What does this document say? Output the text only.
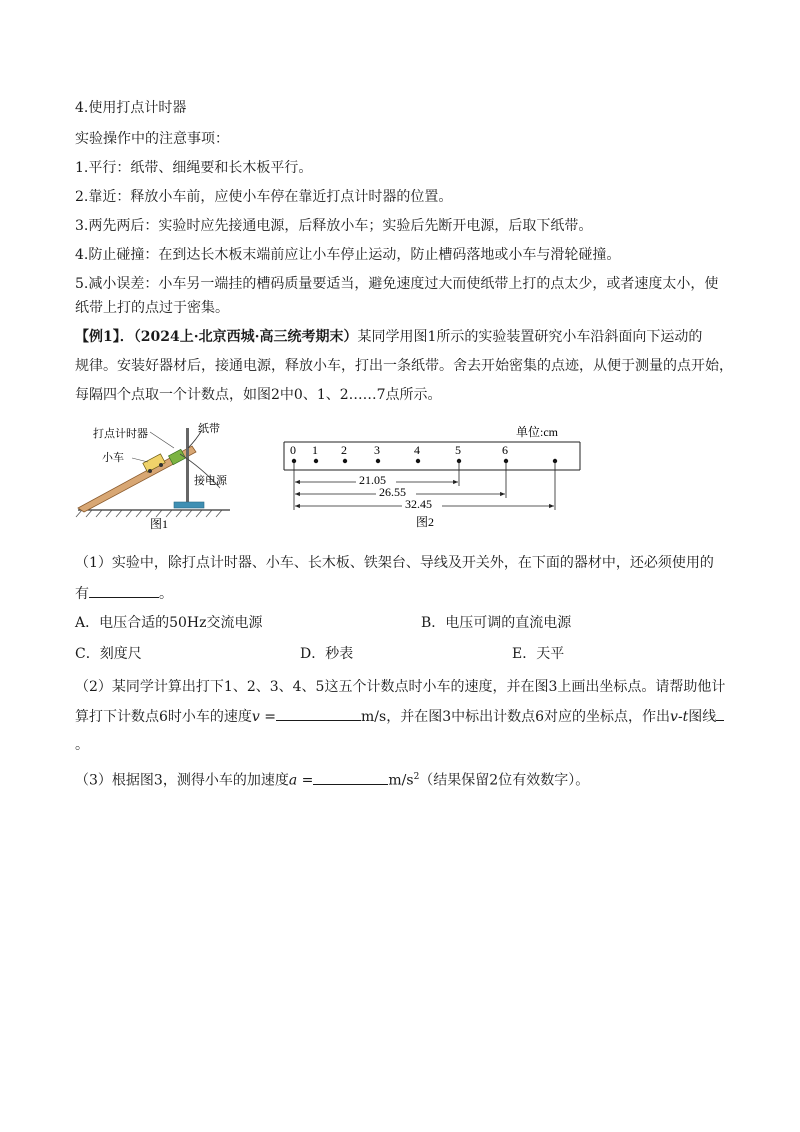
4.使用打点计时器
实验操作中的注意事项：
1.平行：纸带、细绳要和长木板平行。
2.靠近：释放小车前，应使小车停在靠近打点计时器的位置。
3.两先两后：实验时应先接通电源，后释放小车；实验后先断开电源，后取下纸带。
4.防止碰撞：在到达长木板末端前应让小车停止运动，防止槽码落地或小车与滑轮碰撞。
5.减小误差：小车另一端挂的槽码质量要适当，避免速度过大而使纸带上打的点太少，或者速度太小，使
纸带上打的点过于密集。
【例1】．（2024上·北京西城·高三统考期末）某同学用图1所示的实验装置研究小车沿斜面向下运动的
规律。安装好器材后，接通电源，释放小车，打出一条纸带。舍去开始密集的点迹，从便于测量的点开始，
每隔四个点取一个计数点，如图2中0、1、2……7点所示。
打点计时器
小车
纸带
接电源
图1
单位:cm
0 1 2 3	4	5	6
21.05
26.55
32.45
图2
（1）实验中，除打点计时器、小车、长木板、铁架台、导线及开关外，在下面的器材中，还必须使用的
有	。
A．电压合适的50Hz交流电源	B．电压可调的直流电源
C．刻度尺	D．秒表	E．天平
（2）某同学计算出打下1、2、3、4、5这五个计数点时小车的速度，并在图3上画出坐标点。请帮助他计
算打下计数点6时小车的速度v =	m/s，并在图3中标出计数点6对应的坐标点，作出v-t图线
。
（3）根据图3，测得小车的加速度a =	$m/s^2$（结果保留2位有效数字）。
